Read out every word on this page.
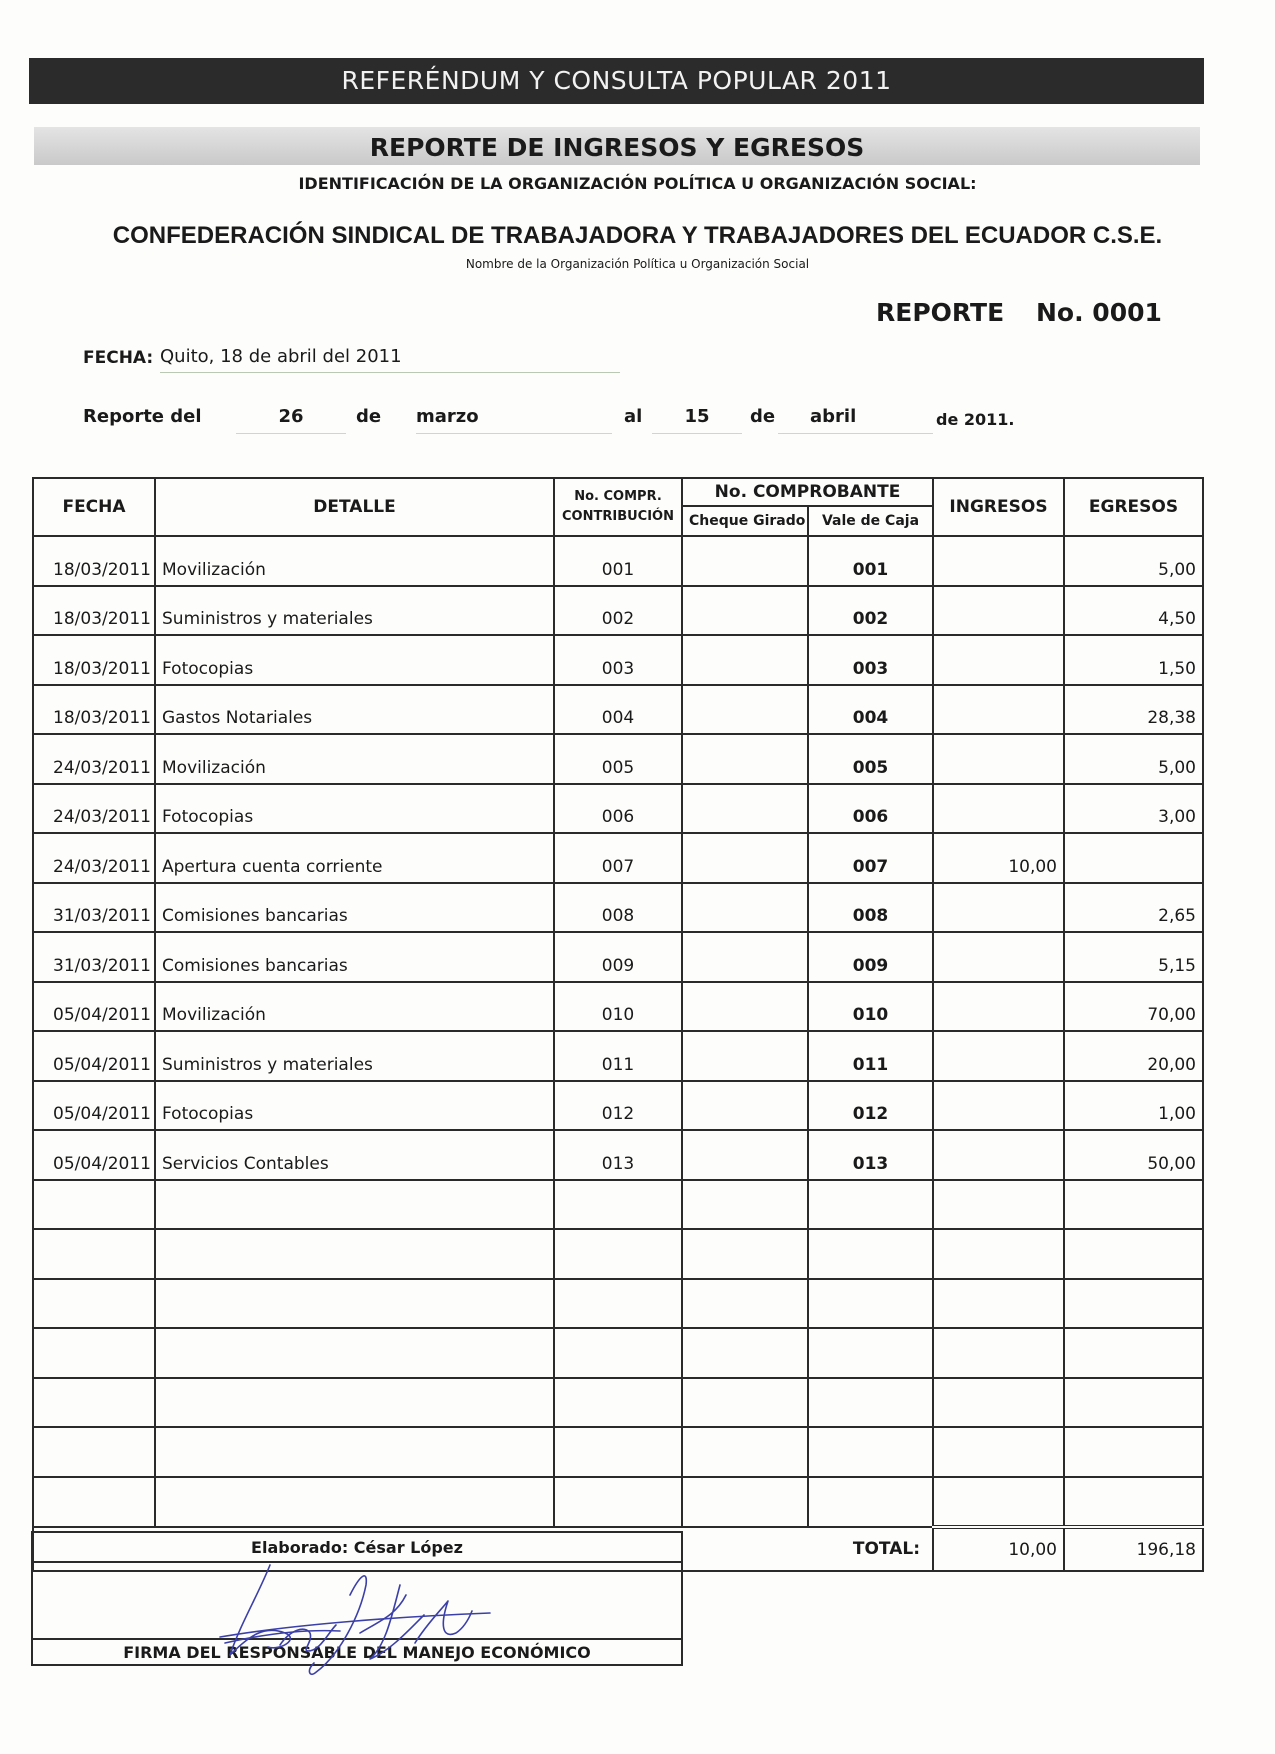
REFERÉNDUM Y CONSULTA POPULAR 2011
REPORTE DE INGRESOS Y EGRESOS
IDENTIFICACIÓN DE LA ORGANIZACIÓN POLÍTICA U ORGANIZACIÓN SOCIAL:
CONFEDERACIÓN SINDICAL DE TRABAJADORA Y TRABAJADORES DEL ECUADOR C.S.E.
Nombre de la Organización Política u Organización Social
REPORTE No. 0001
FECHA: Quito, 18 de abril del 2011
Reporte del	26	de marzo	al	15	de	abril	de 2011.
FECHA	DETALLE	No. COMPR.
CONTRIBUCIÓN	No. COMPROBANTE		INGRESOS	EGRESOS
			Cheque Girado	Vale de Caja		
18/03/2011	Movilización	001		001		5,00
18/03/2011	Suministros y materiales	002		002		4,50
18/03/2011	Fotocopias	003		003		1,50
18/03/2011	Gastos Notariales	004		004		28,38
24/03/2011	Movilización	005		005		5,00
24/03/2011	Fotocopias	006		006		3,00
24/03/2011	Apertura cuenta corriente	007		007	10,00	
31/03/2011	Comisiones bancarias	008		008		2,65
31/03/2011	Comisiones bancarias	009		009		5,15
05/04/2011	Movilización	010		010		70,00
05/04/2011	Suministros y materiales	011		011		20,00
05/04/2011	Fotocopias	012		012		1,00
05/04/2011	Servicios Contables	013		013		50,00

TOTAL:					10,00	196,18
Elaborado: César López
FIRMA DEL RESPONSABLE DEL MANEJO ECONÓMICO
